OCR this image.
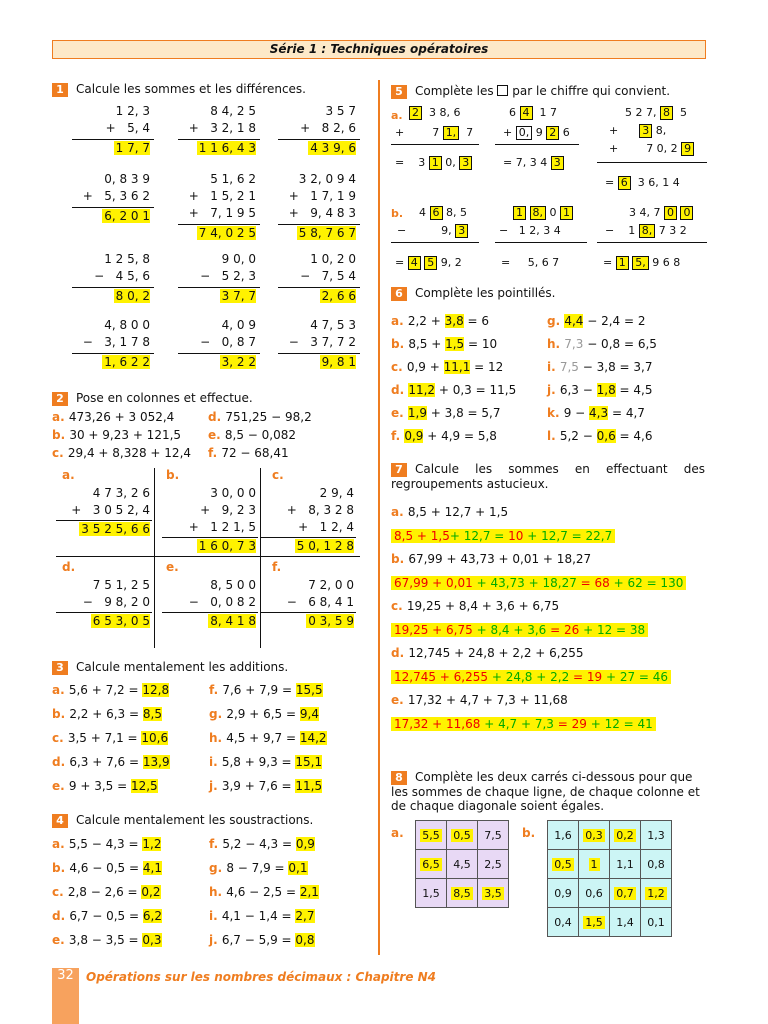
Série 1 : Techniques opératoires
1 Calcule les sommes et les différences.
1 2, 3
+   5, 4
1 7, 7
8 4, 2 5
+   3 2, 1 8
1 1 6, 4 3
3 5 7
+   8 2, 6
4 3 9, 6
0, 8 3 9
+   5, 3 6 2
6, 2 0 1
5 1, 6 2
+   1 5, 2 1
+   7, 1 9 5
7 4, 0 2 5
3 2, 0 9 4
+   1 7, 1 9
+   9, 4 8 3
5 8, 7 6 7
1 2 5, 8
−   4 5, 6
8 0, 2
9 0, 0
−   5 2, 3
3 7, 7
1 0, 2 0
−   7, 5 4
2, 6 6
4, 8 0 0
−   3, 1 7 8
1, 6 2 2
4, 0 9
−   0, 8 7
3, 2 2
4 7, 5 3
−   3 7, 7 2
9, 8 1
2 Pose en colonnes et effectue.
a. 473,26 + 3 052,4	d. 751,25 − 98,2
b. 30 + 9,23 + 121,5 e. 8,5 − 0,082
c. 29,4 + 8,328 + 12,4 f. 72 − 68,41
a.
4 7 3, 2 6
+   3 0 5 2, 4
3 5 2 5, 6 6
b.
3 0, 0 0
+   9, 2 3
+   1 2 1, 5
1 6 0, 7 3
c.
2 9, 4
+   8, 3 2 8
+   1 2, 4
5 0, 1 2 8
d.
7 5 1, 2 5
−   9 8, 2 0
6 5 3, 0 5
e.
8, 5 0 0
−   0, 0 8 2
8, 4 1 8
f.
7 2, 0 0
−   6 8, 4 1
0 3, 5 9
3 Calcule mentalement les additions.
a. 5,6 + 7,2 = 12,8
b. 2,2 + 6,3 = 8,5
c. 3,5 + 7,1 = 10,6
d. 6,3 + 7,6 = 13,9
e. 9 + 3,5 = 12,5
f. 7,6 + 7,9 = 15,5
g. 2,9 + 6,5 = 9,4
h. 4,5 + 9,7 = 14,2
i. 5,8 + 9,3 = 15,1
j. 3,9 + 7,6 = 11,5
4 Calcule mentalement les soustractions.
a. 5,5 − 4,3 = 1,2
b. 4,6 − 0,5 = 4,1
c. 2,8 − 2,6 = 0,2
d. 6,7 − 0,5 = 6,2
e. 3,8 − 3,5 = 0,3
f. 5,2 − 4,3 = 0,9
g. 8 − 7,9 = 0,1
h. 4,6 − 2,5 = 2,1
i. 4,1 − 1,4 = 2,7
j. 6,7 − 5,9 = 0,8
5 Complète les par le chiffre qui convient.
a. 2  3 8, 6
+        7 1,  7
=    3 1 0, 3
6 4  1 7
+ 0, 9 2 6
= 7, 3 4 3
5 2 7, 8  5
+      3 8,
+        7 0, 2 9
= 6  3 6, 1 4
b. 4 6 8, 5
−          9, 3
= 4 5 9, 2
1 8, 0 1
−   1 2, 3 4
=     5, 6 7
3 4, 7 0 0
−    1 8, 7 3 2
= 1 5, 9 6 8
6 Complète les pointillés.
a. 2,2 + 3,8 = 6
b. 8,5 + 1,5 = 10
c. 0,9 + 11,1 = 12
d. 11,2 + 0,3 = 11,5
e. 1,9 + 3,8 = 5,7
f. 0,9 + 4,9 = 5,8
g. 4,4 − 2,4 = 2
h. 7,3 − 0,8 = 6,5
i. 7,5 − 3,8 = 3,7
j. 6,3 − 1,8 = 4,5
k. 9 − 4,3 = 4,7
l. 5,2 − 0,6 = 4,6
7 Calcule les sommes en effectuant des regroupements astucieux.
a. 8,5 + 12,7 + 1,5
8,5 + 1,5+ 12,7 = 10 + 12,7 = 22,7
b. 67,99 + 43,73 + 0,01 + 18,27
67,99 + 0,01 + 43,73 + 18,27 = 68 + 62 = 130
c. 19,25 + 8,4 + 3,6 + 6,75
19,25 + 6,75 + 8,4 + 3,6 = 26 + 12 = 38
d. 12,745 + 24,8 + 2,2 + 6,255
12,745 + 6,255 + 24,8 + 2,2 = 19 + 27 = 46
e. 17,32 + 4,7 + 7,3 + 11,68
17,32 + 11,68 + 4,7 + 7,3 = 29 + 12 = 41
8 Complète les deux carrés ci-dessous pour que les sommes de chaque ligne, de chaque colonne et de chaque diagonale soient égales.
a. 5,5	0,5	7,5
6,5	4,5	2,5
1,5	8,5	3,5
b. 1,6	0,3	0,2	1,3
0,5	1	1,1	0,8
0,9	0,6	0,7	1,2
0,4	1,5	1,4	0,1
32	Opérations sur les nombres décimaux : Chapitre N4
